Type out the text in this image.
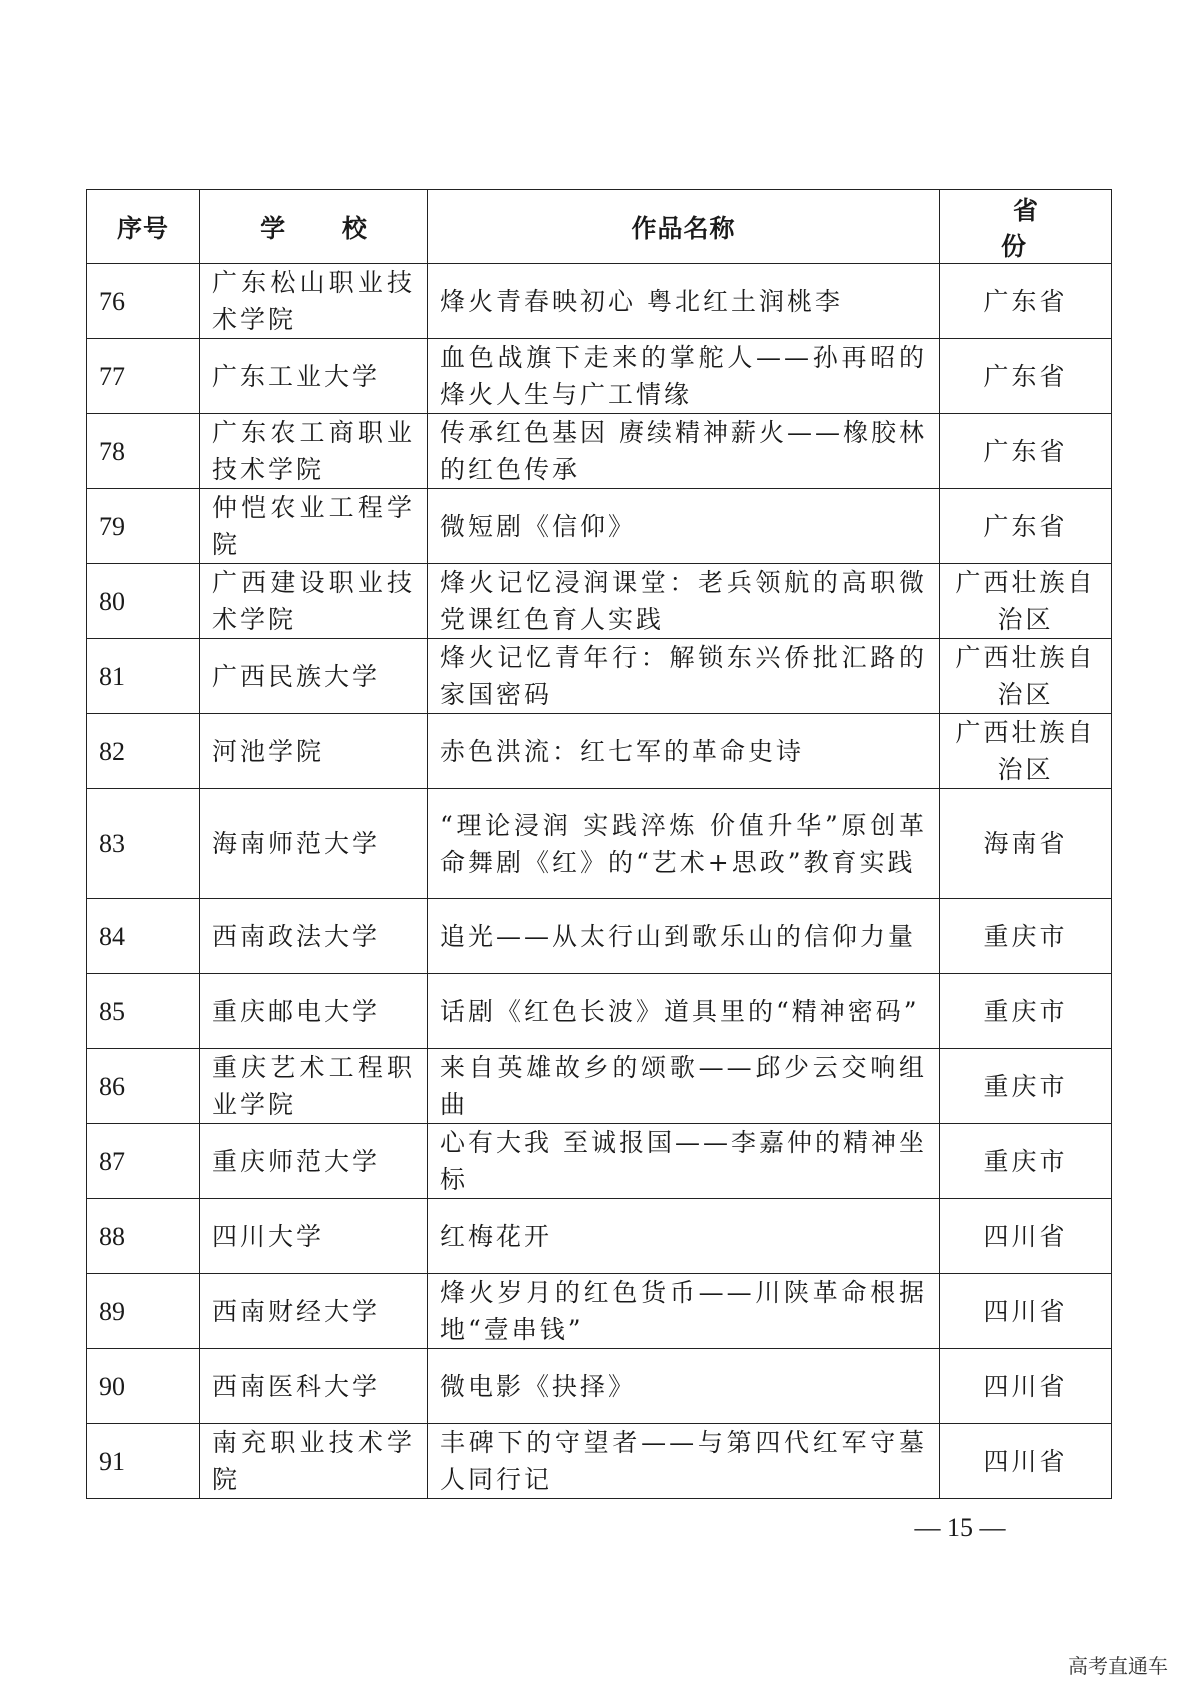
序号	学 校	作品名称	省 份
76	广东松山职业技术学院	烽火青春映初心 粤北红土润桃李	广东省
77	广东工业大学	血色战旗下走来的掌舵人——孙再昭的烽火人生与广工情缘	广东省
78	广东农工商职业技术学院	传承红色基因 赓续精神薪火——橡胶林的红色传承	广东省
79	仲恺农业工程学院	微短剧《信仰》	广东省
80	广西建设职业技术学院	烽火记忆浸润课堂：老兵领航的高职微党课红色育人实践	广西壮族自治区
81	广西民族大学	烽火记忆青年行：解锁东兴侨批汇路的家国密码	广西壮族自治区
82	河池学院	赤色洪流：红七军的革命史诗	广西壮族自治区
83	海南师范大学	“理论浸润 实践淬炼 价值升华”原创革命舞剧《红》的“艺术+思政”教育实践	海南省
84	西南政法大学	追光——从太行山到歌乐山的信仰力量	重庆市
85	重庆邮电大学	话剧《红色长波》道具里的“精神密码”	重庆市
86	重庆艺术工程职业学院	来自英雄故乡的颂歌——邱少云交响组曲	重庆市
87	重庆师范大学	心有大我 至诚报国——李嘉仲的精神坐标	重庆市
88	四川大学	红梅花开	四川省
89	西南财经大学	烽火岁月的红色货币——川陕革命根据地“壹串钱”	四川省
90	西南医科大学	微电影《抉择》	四川省
91	南充职业技术学院	丰碑下的守望者——与第四代红军守墓人同行记	四川省
— 15 —
高考直通车
